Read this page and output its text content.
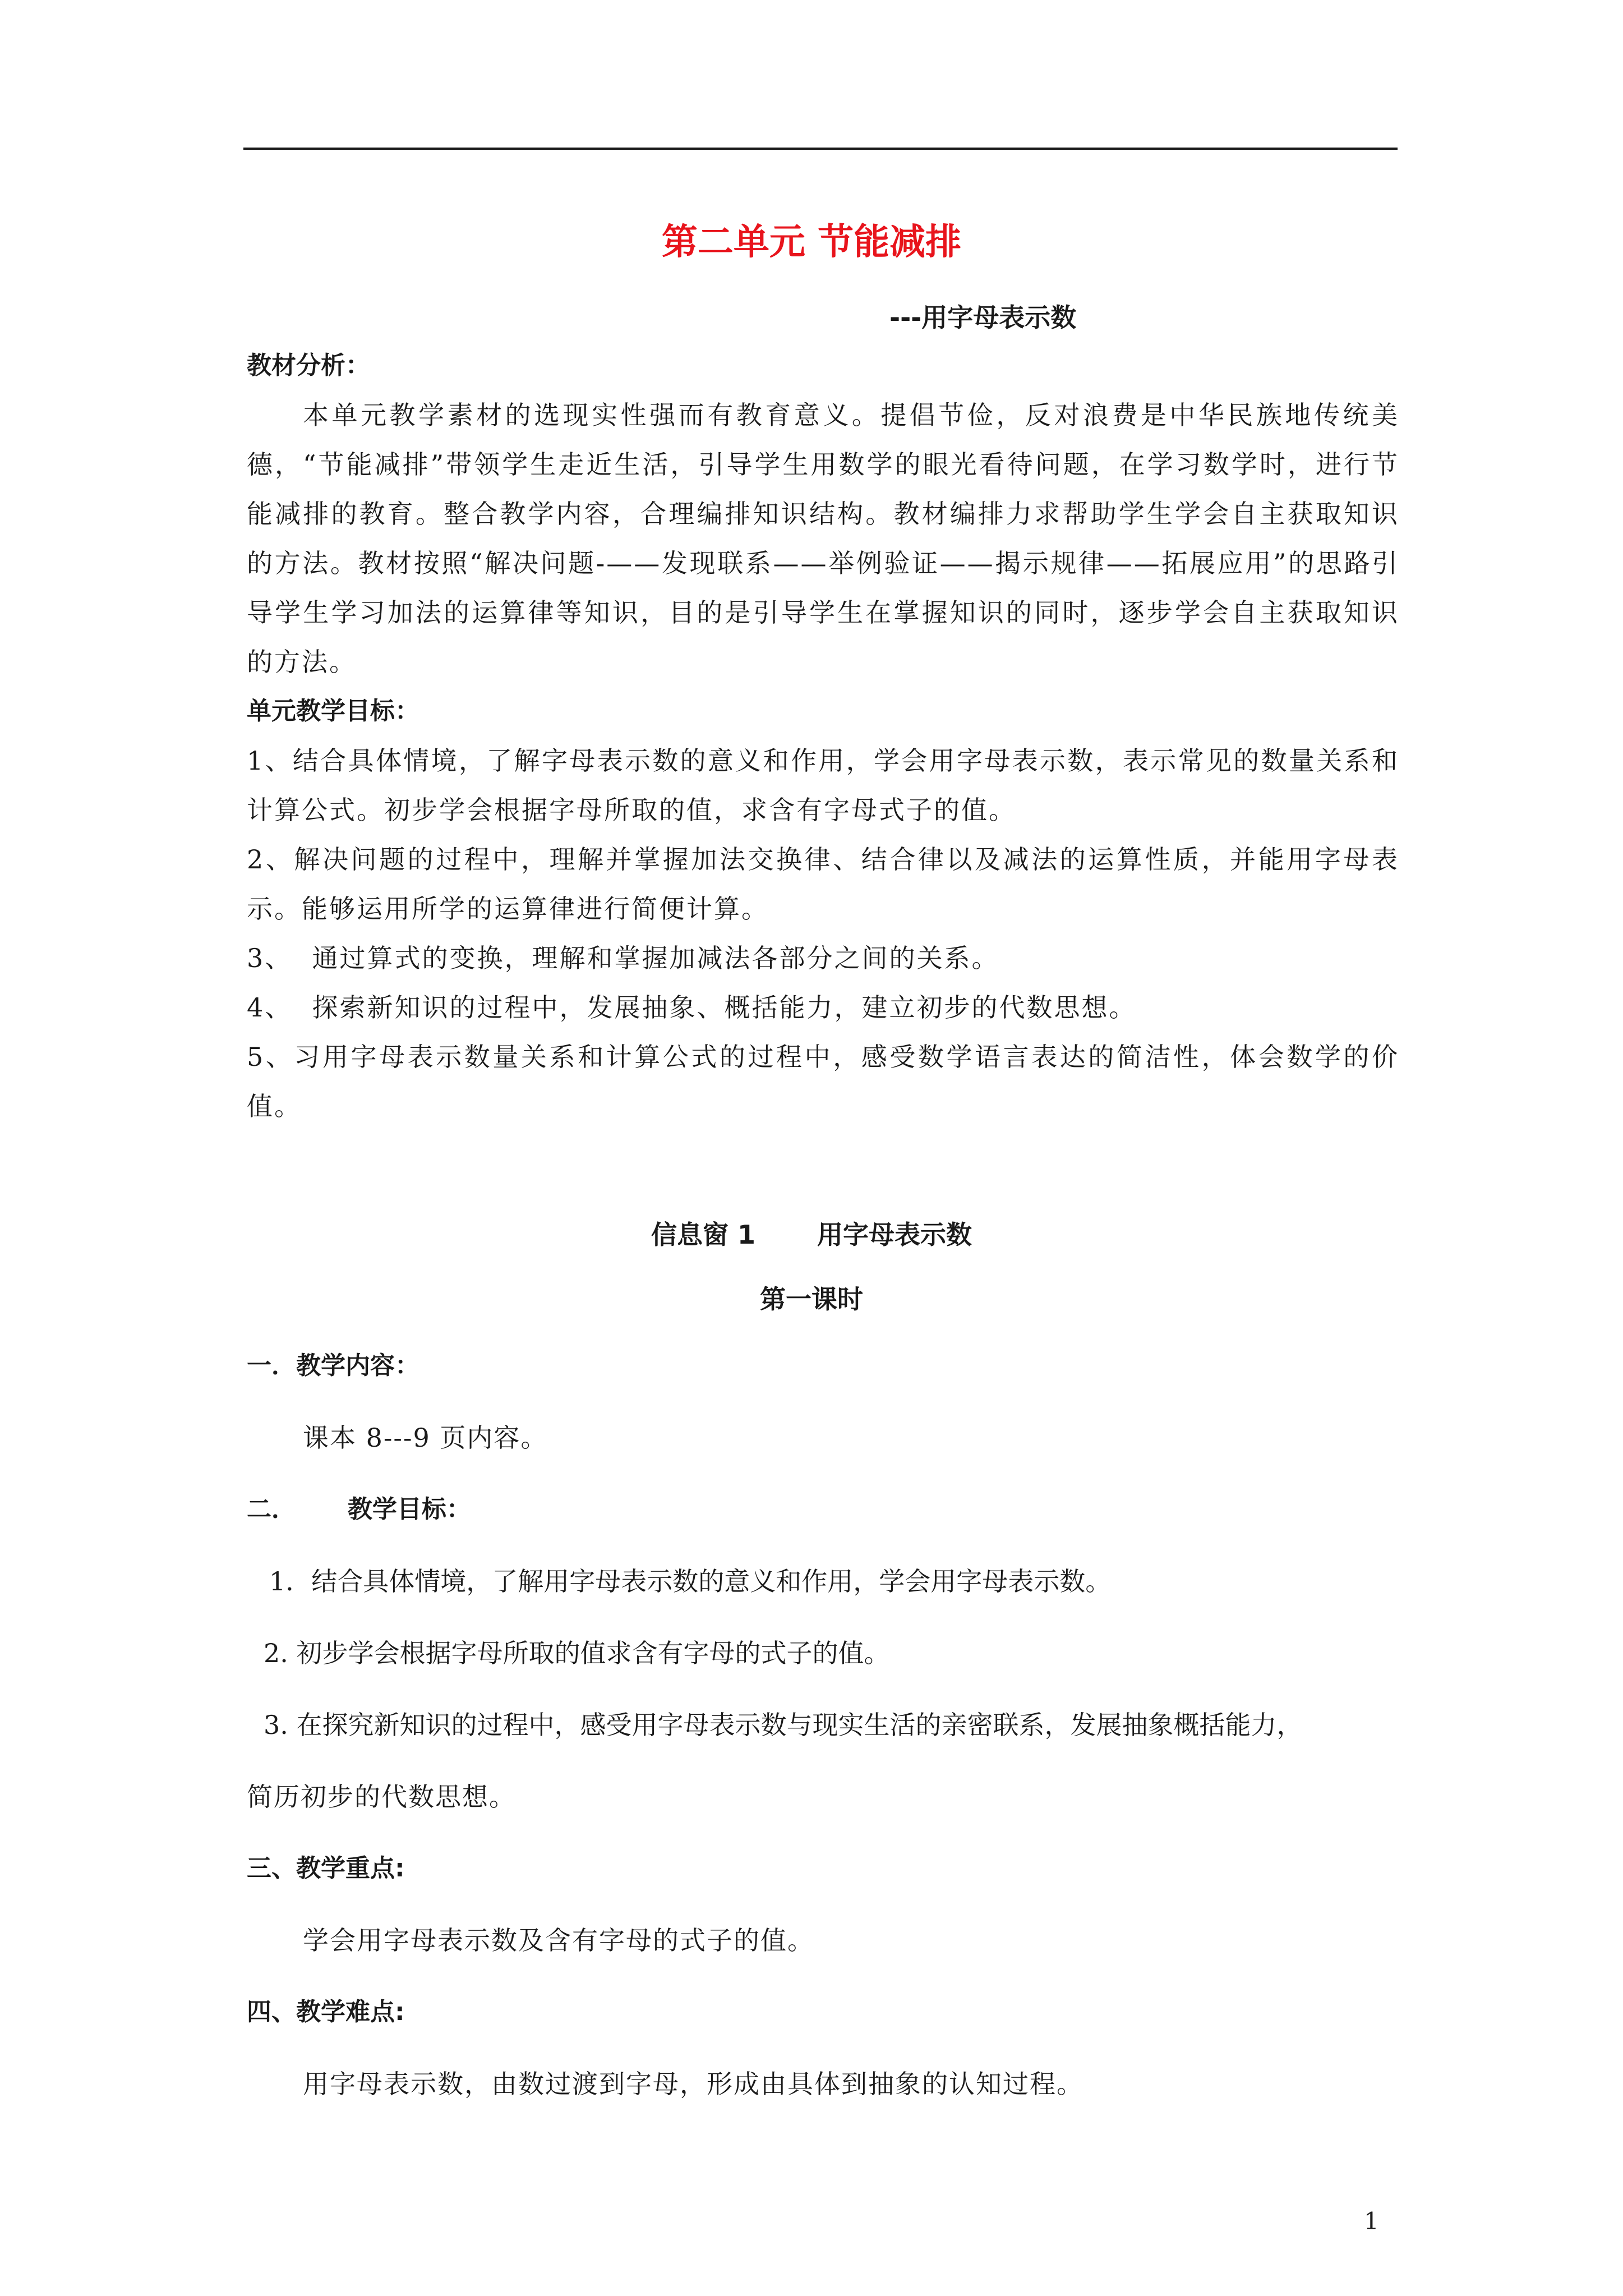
第二单元 节能减排
---用字母表示数
教材分析：
本单元教学素材的选现实性强而有教育意义。提倡节俭，反对浪费是中华民族地传统美德，“节能减排”带领学生走近生活，引导学生用数学的眼光看待问题，在学习数学时，进行节能减排的教育。整合教学内容，合理编排知识结构。教材编排力求帮助学生学会自主获取知识的方法。教材按照“解决问题-——发现联系——举例验证——揭示规律——拓展应用”的思路引导学生学习加法的运算律等知识，目的是引导学生在掌握知识的同时，逐步学会自主获取知识的方法。
单元教学目标：
1、结合具体情境，了解字母表示数的意义和作用，学会用字母表示数，表示常见的数量关系和计算公式。初步学会根据字母所取的值，求含有字母式子的值。
2、解决问题的过程中，理解并掌握加法交换律、结合律以及减法的运算性质，并能用字母表示。能够运用所学的运算律进行简便计算。
3、  通过算式的变换，理解和掌握加减法各部分之间的关系。
4、  探索新知识的过程中，发展抽象、概括能力，建立初步的代数思想。
5、习用字母表示数量关系和计算公式的过程中，感受数学语言表达的简洁性，体会数学的价值。
信息窗 1 用字母表示数
第一课时
一．教学内容：
课本 8---9 页内容。
二．      教学目标：
1．结合具体情境，了解用字母表示数的意义和作用，学会用字母表示数。
2. 初步学会根据字母所取的值求含有字母的式子的值。
3. 在探究新知识的过程中，感受用字母表示数与现实生活的亲密联系，发展抽象概括能力，
简历初步的代数思想。
三、教学重点:
学会用字母表示数及含有字母的式子的值。
四、教学难点:
用字母表示数，由数过渡到字母，形成由具体到抽象的认知过程。
1
